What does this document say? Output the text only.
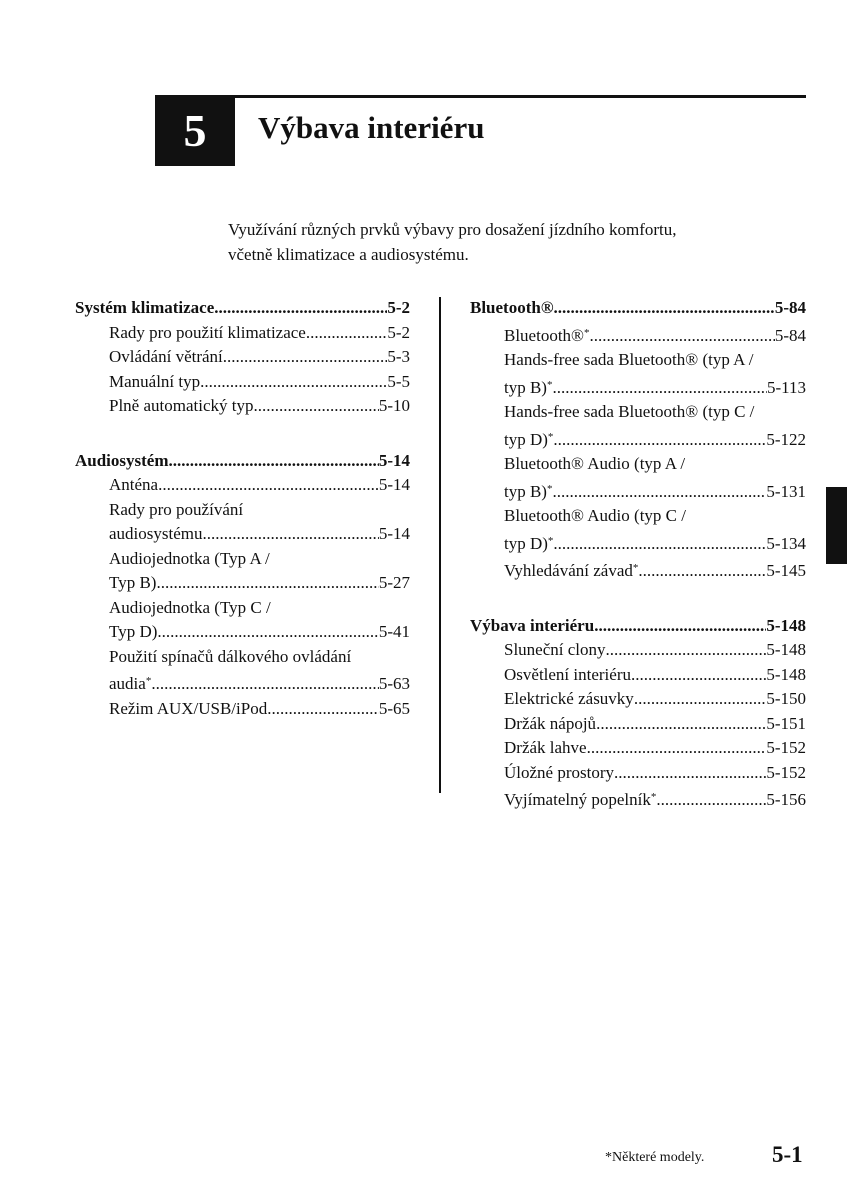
5 Výbava interiéru
Využívání různých prvků výbavy pro dosažení jízdního komfortu,
včetně klimatizace a audiosystému.
Systém klimatizace .....	5-2
Rady pro použití klimatizace .....	5-2
Ovládání větrání .....	5-3
Manuální typ .....	5-5
Plně automatický typ .....	5-10
Audiosystém .....	5-14
Anténa .....	5-14
Rady pro používání
audiosystému .....	5-14
Audiojednotka (Typ A /
Typ B) .....	5-27
Audiojednotka (Typ C /
Typ D) .....	5-41
Použití spínačů dálkového ovládání
audia* .....	5-63
Režim AUX/USB/iPod .....	5-65
Bluetooth® .....	5-84
Bluetooth®* .....	5-84
Hands-free sada Bluetooth® (typ A /
typ B)* .....	5-113
Hands-free sada Bluetooth® (typ C /
typ D)* .....	5-122
Bluetooth® Audio (typ A /
typ B)* .....	5-131
Bluetooth® Audio (typ C /
typ D)* .....	5-134
Vyhledávání závad* .....	5-145
Výbava interiéru .....	5-148
Sluneční clony .....	5-148
Osvětlení interiéru .....	5-148
Elektrické zásuvky .....	5-150
Držák nápojů .....	5-151
Držák lahve .....	5-152
Úložné prostory .....	5-152
Vyjímatelný popelník* .....	5-156
*Některé modely.	5-1
